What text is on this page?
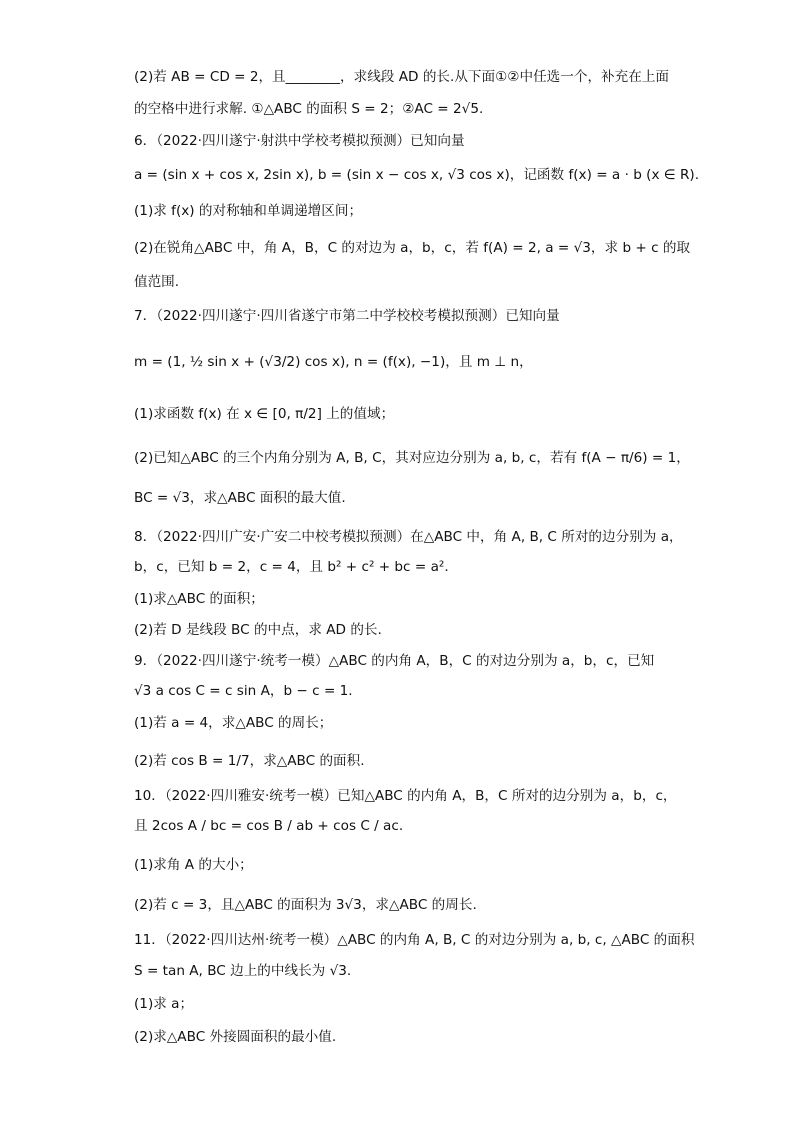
(2)若 AB = CD = 2，且________，求线段 AD 的长.从下面①②中任选一个，补充在上面
的空格中进行求解. ①△ABC 的面积 S = 2；②AC = 2√5.
6．（2022·四川遂宁·射洪中学校考模拟预测）已知向量
a = (sin x + cos x, 2sin x), b = (sin x − cos x, √3 cos x)，记函数 f(x) = a · b (x ∈ R).
(1)求 f(x) 的对称轴和单调递增区间；
(2)在锐角△ABC 中，角 A，B，C 的对边为 a，b，c，若 f(A) = 2, a = √3，求 b + c 的取
值范围.
7．（2022·四川遂宁·四川省遂宁市第二中学校校考模拟预测）已知向量
m = (1, ½ sin x + (√3/2) cos x), n = (f(x), −1)，且 m ⊥ n，
(1)求函数 f(x) 在 x ∈ [0, π/2] 上的值域；
(2)已知△ABC 的三个内角分别为 A, B, C，其对应边分别为 a, b, c，若有 f(A − π/6) = 1，
BC = √3，求△ABC 面积的最大值.
8．（2022·四川广安·广安二中校考模拟预测）在△ABC 中，角 A, B, C 所对的边分别为 a，
b，c，已知 b = 2，c = 4，且 b² + c² + bc = a².
(1)求△ABC 的面积；
(2)若 D 是线段 BC 的中点，求 AD 的长.
9．（2022·四川遂宁·统考一模）△ABC 的内角 A，B，C 的对边分别为 a，b，c，已知
√3 a cos C = c sin A，b − c = 1.
(1)若 a = 4，求△ABC 的周长；
(2)若 cos B = 1/7，求△ABC 的面积.
10．（2022·四川雅安·统考一模）已知△ABC 的内角 A，B，C 所对的边分别为 a，b，c，
且 2cos A / bc = cos B / ab + cos C / ac.
(1)求角 A 的大小；
(2)若 c = 3，且△ABC 的面积为 3√3，求△ABC 的周长.
11．（2022·四川达州·统考一模）△ABC 的内角 A, B, C 的对边分别为 a, b, c, △ABC 的面积
S = tan A, BC 边上的中线长为 √3.
(1)求 a；
(2)求△ABC 外接圆面积的最小值.
